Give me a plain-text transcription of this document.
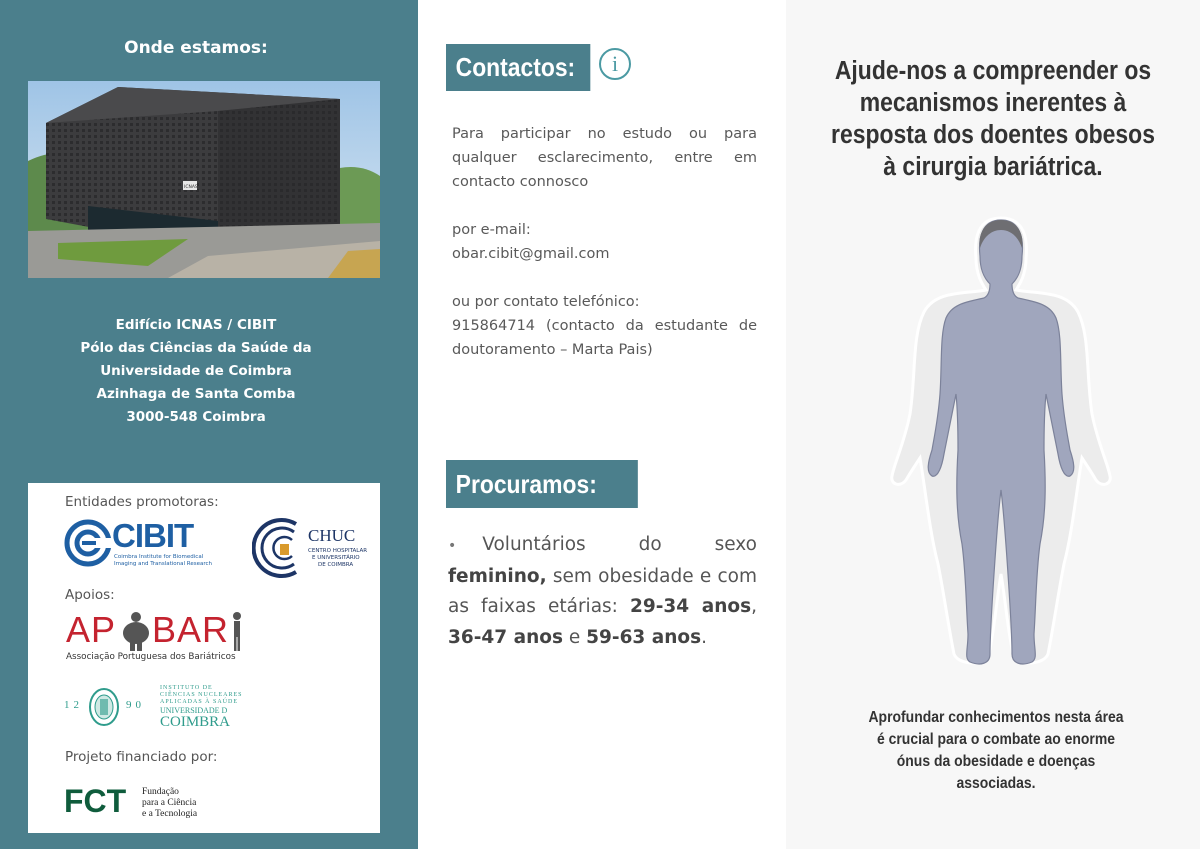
Onde estamos:
ICNAS
Edifício ICNAS / CIBIT
Pólo das Ciências da Saúde da
Universidade de Coimbra
Azinhaga de Santa Comba
3000-548 Coimbra
Entidades promotoras:
CIBIT
Coimbra Institute for Biomedical
Imaging and Translational Research
CHUC
CENTRO HOSPITALAR
E UNIVERSITÁRIO
DE COIMBRA
Apoios:
AP BAR
Associação Portuguesa dos Bariátricos
12	90
INSTITUTO DE
CIÊNCIAS NUCLEARES
APLICADAS À SAÚDE
UNIVERSIDADE D
COIMBRA
Projeto financiado por:
FCT Fundação
para a Ciência
e a Tecnologia
Contactos:	i
Para participar no estudo ou para qualquer esclarecimento, entre em contacto connosco
por e-mail:
obar.cibit@gmail.com
ou por contato telefónico:
915864714 (contacto da estudante de doutoramento – Marta Pais)
Procuramos:
• Voluntários do sexo feminino, sem obesidade e com as faixas etárias: 29-34 anos, 36-47 anos e 59-63 anos.
Ajude-nos a compreender os
mecanismos inerentes à
resposta dos doentes obesos
à cirurgia bariátrica.
Aprofundar conhecimentos nesta área
é crucial para o combate ao enorme
ónus da obesidade e doenças
associadas.
